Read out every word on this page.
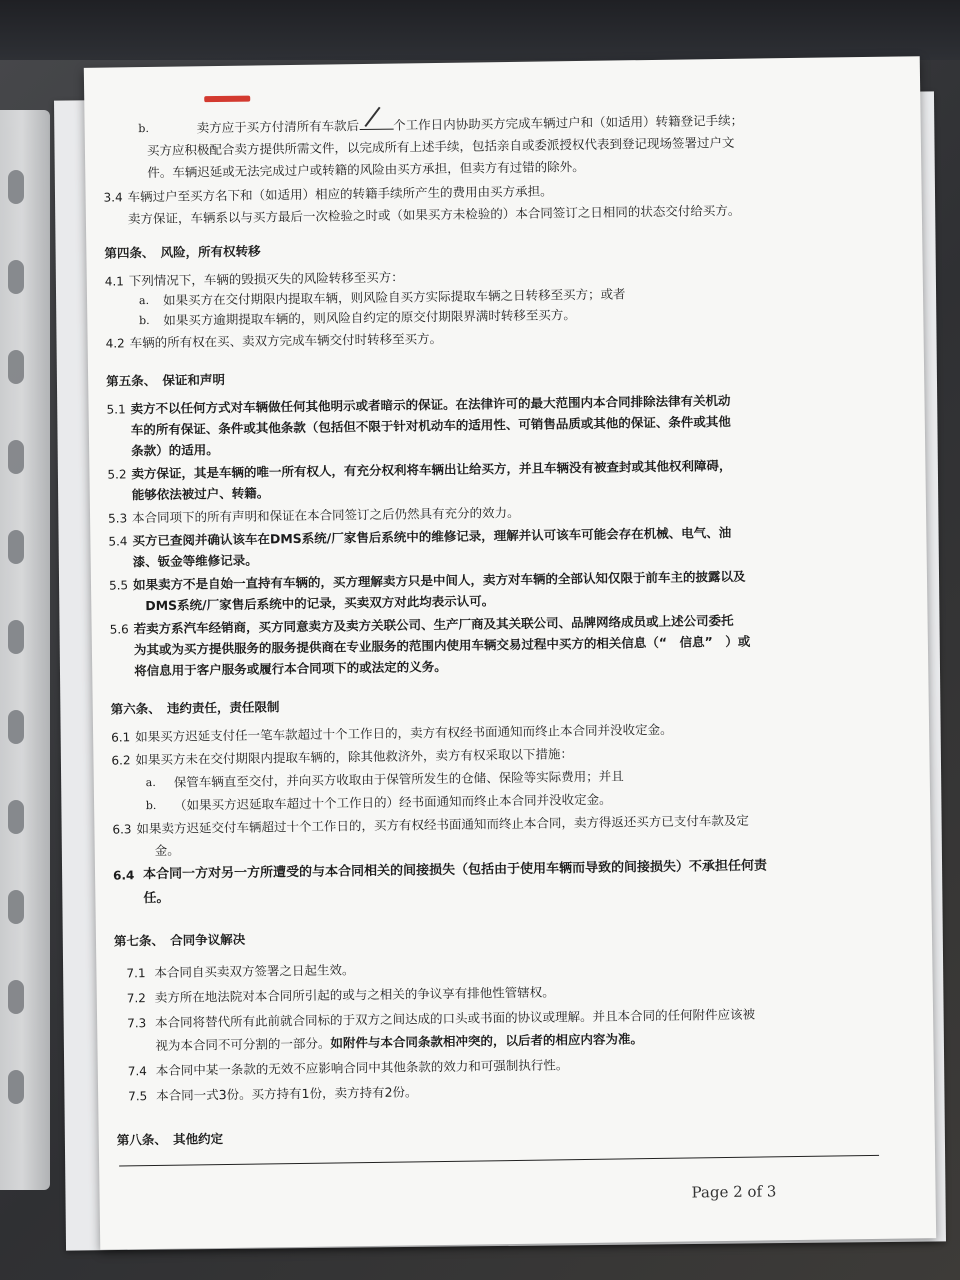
b.	卖方应于买方付清所有车款后	个工作日内协助买方完成车辆过户和（如适用）转籍登记手续；
买方应积极配合卖方提供所需文件，以完成所有上述手续，包括亲自或委派授权代表到登记现场签署过户文
件。车辆迟延或无法完成过户或转籍的风险由买方承担，但卖方有过错的除外。
3.4 车辆过户至买方名下和（如适用）相应的转籍手续所产生的费用由买方承担。
卖方保证，车辆系以与买方最后一次检验之时或（如果买方未检验的）本合同签订之日相同的状态交付给买方。
第四条、　风险，所有权转移
4.1 下列情况下，车辆的毁损灭失的风险转移至买方：
a.	如果买方在交付期限内提取车辆，则风险自买方实际提取车辆之日转移至买方；或者
b.	如果买方逾期提取车辆的，则风险自约定的原交付期限界满时转移至买方。
4.2 车辆的所有权在买、卖双方完成车辆交付时转移至买方。
第五条、　保证和声明
5.1 卖方不以任何方式对车辆做任何其他明示或者暗示的保证。在法律许可的最大范围内本合同排除法律有关机动
车的所有保证、条件或其他条款（包括但不限于针对机动车的适用性、可销售品质或其他的保证、条件或其他
条款）的适用。
5.2 卖方保证，其是车辆的唯一所有权人，有充分权利将车辆出让给买方，并且车辆没有被查封或其他权利障碍，
能够依法被过户、转籍。
5.3 本合同项下的所有声明和保证在本合同签订之后仍然具有充分的效力。
5.4 买方已查阅并确认该车在DMS系统/厂家售后系统中的维修记录，理解并认可该车可能会存在机械、电气、油
漆、钣金等维修记录。
5.5 如果卖方不是自始一直持有车辆的，买方理解卖方只是中间人，卖方对车辆的全部认知仅限于前车主的披露以及
DMS系统/厂家售后系统中的记录，买卖双方对此均表示认可。
5.6 若卖方系汽车经销商，买方同意卖方及卖方关联公司、生产厂商及其关联公司、品牌网络成员或上述公司委托
为其或为买方提供服务的服务提供商在专业服务的范围内使用车辆交易过程中买方的相关信息（“　信息”　）或
将信息用于客户服务或履行本合同项下的或法定的义务。
第六条、　违约责任，责任限制
6.1 如果买方迟延支付任一笔车款超过十个工作日的，卖方有权经书面通知而终止本合同并没收定金。
6.2 如果买方未在交付期限内提取车辆的，除其他救济外，卖方有权采取以下措施：
a.	保管车辆直至交付，并向买方收取由于保管所发生的仓储、保险等实际费用；并且
b.	（如果买方迟延取车超过十个工作日的）经书面通知而终止本合同并没收定金。
6.3 如果卖方迟延交付车辆超过十个工作日的，买方有权经书面通知而终止本合同，卖方得返还买方已支付车款及定
金。
6.4 本合同一方对另一方所遭受的与本合同相关的间接损失（包括由于使用车辆而导致的间接损失）不承担任何责
任。
第七条、　合同争议解决
7.1 本合同自买卖双方签署之日起生效。
7.2 卖方所在地法院对本合同所引起的或与之相关的争议享有排他性管辖权。
7.3 本合同将替代所有此前就合同标的于双方之间达成的口头或书面的协议或理解。并且本合同的任何附件应该被
视为本合同不可分割的一部分。如附件与本合同条款相冲突的，以后者的相应内容为准。
7.4 本合同中某一条款的无效不应影响合同中其他条款的效力和可强制执行性。
7.5 本合同一式3份。买方持有1份，卖方持有2份。
第八条、　其他约定
Page 2 of 3
